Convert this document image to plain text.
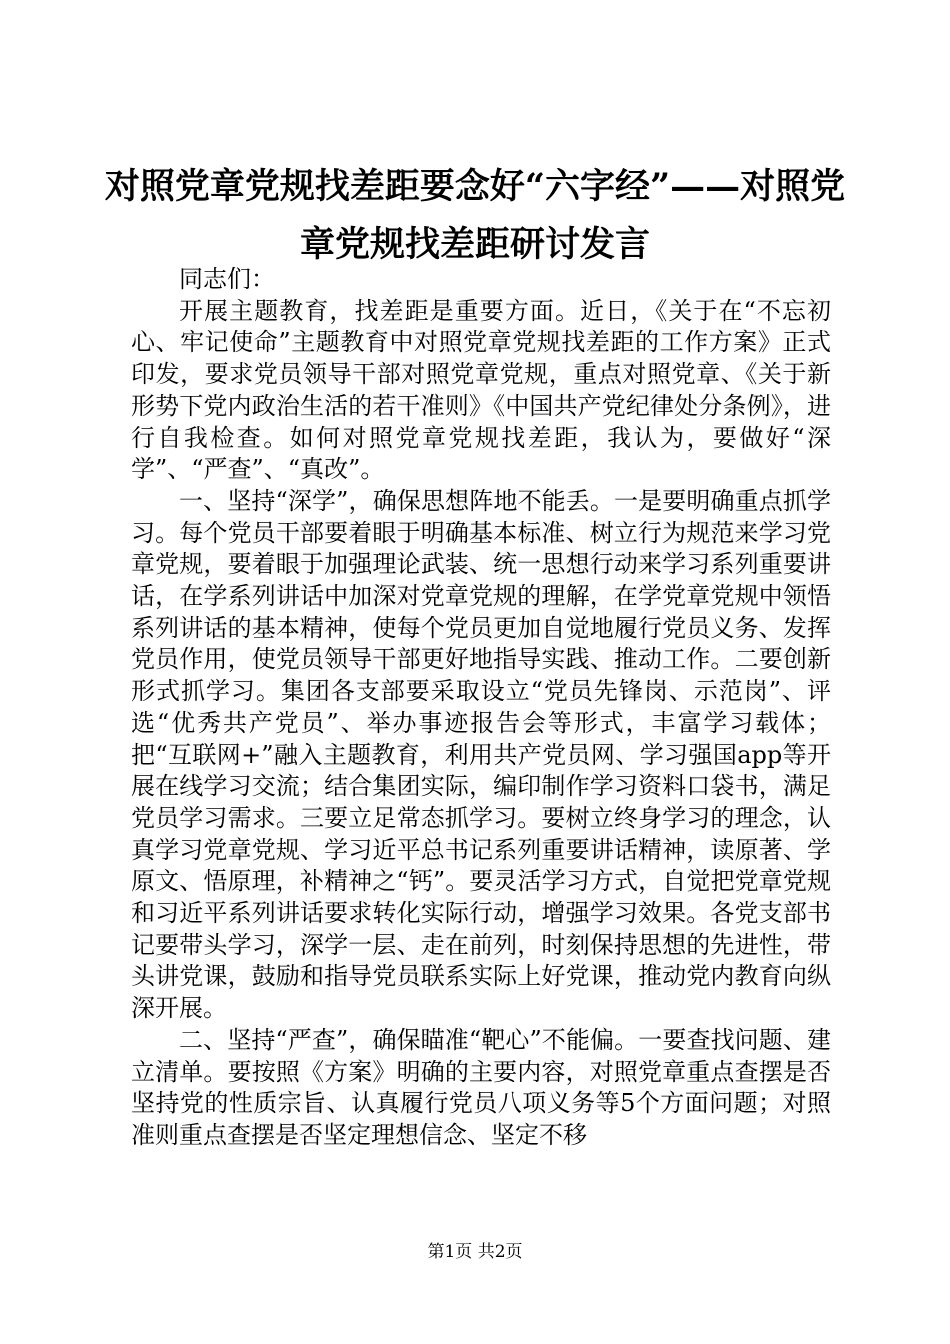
对照党章党规找差距要念好“六字经”——对照党章党规找差距研讨发言

同志们：

开展主题教育，找差距是重要方面。近日，《关于在“不忘初心、牢记使命”主题教育中对照党章党规找差距的工作方案》正式印发，要求党员领导干部对照党章党规，重点对照党章、《关于新形势下党内政治生活的若干准则》《中国共产党纪律处分条例》，进行自我检查。如何对照党章党规找差距，我认为，要做好“深学”、“严查”、“真改”。

一、坚持“深学”，确保思想阵地不能丢。一是要明确重点抓学习。每个党员干部要着眼于明确基本标准、树立行为规范来学习党章党规，要着眼于加强理论武装、统一思想行动来学习系列重要讲话，在学系列讲话中加深对党章党规的理解，在学党章党规中领悟系列讲话的基本精神，使每个党员更加自觉地履行党员义务、发挥党员作用，使党员领导干部更好地指导实践、推动工作。二要创新形式抓学习。集团各支部要采取设立“党员先锋岗、示范岗”、评选“优秀共产党员”、举办事迹报告会等形式，丰富学习载体；把“互联网+”融入主题教育，利用共产党员网、学习强国app等开展在线学习交流；结合集团实际，编印制作学习资料口袋书，满足党员学习需求。三要立足常态抓学习。要树立终身学习的理念，认真学习党章党规、学习近平总书记系列重要讲话精神，读原著、学原文、悟原理，补精神之“钙”。要灵活学习方式，自觉把党章党规和习近平系列讲话要求转化实际行动，增强学习效果。各党支部书记要带头学习，深学一层、走在前列，时刻保持思想的先进性，带头讲党课，鼓励和指导党员联系实际上好党课，推动党内教育向纵深开展。

二、坚持“严查”，确保瞄准“靶心”不能偏。一要查找问题、建立清单。要按照《方案》明确的主要内容，对照党章重点查摆是否坚持党的性质宗旨、认真履行党员八项义务等5个方面问题；对照准则重点查摆是否坚定理想信念、坚定不移

第1页 共2页
